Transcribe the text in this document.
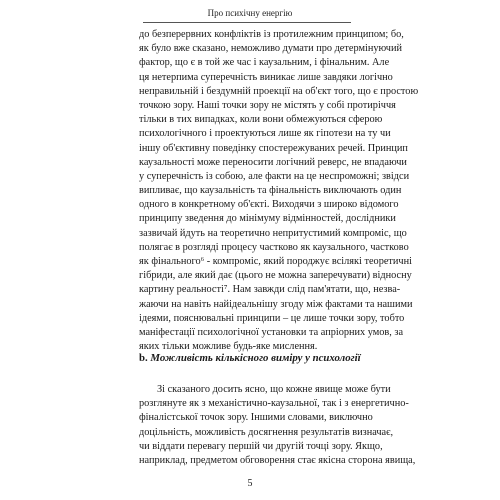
Про психічну енергію
до безперервних конфліктів із протилежним принципом; бо,
як було вже сказано, неможливо думати про детермінуючий
фактор, що є в той же час і каузальним, і фінальним. Але
ця нетерпима суперечність виникає лише завдяки логічно
неправильній і бездумній проекції на об'єкт того, що є простою
точкою зору. Наші точки зору не містять у собі протиріччя
тільки в тих випадках, коли вони обмежуються сферою
психологічного і проектуються лише як гіпотези на ту чи
іншу об'єктивну поведінку спостережуваних речей. Принцип
каузальності може переносити логічний реверс, не впадаючи
у суперечність із собою, але факти на це неспроможні; звідси
випливає, що каузальність та фінальність виключають один
одного в конкретному об'єкті. Виходячи з широко відомого
принципу зведення до мінімуму відмінностей, дослідники
зазвичай йдуть на теоретично непритустимий компроміс, що
полягає в розгляді процесу частково як каузального, частково
як фінального⁶ - компроміс, який породжує всілякі теоретичні
гібриди, але який дає (цього не можна заперечувати) відносну
картину реальності⁷. Нам завжди слід пам'ятати, що, незва-
жаючи на навіть найідеальнішу згоду між фактами та нашими
ідеями, пояснювальні принципи – це лише точки зору, тобто
маніфестації психологічної установки та апріорних умов, за
яких тільки можливе будь-яке мислення.
b. Можливість кількісного виміру у психології
Зі сказаного досить ясно, що кожне явище може бути
розглянуте як з механістично-каузальної, так і з енергетично-
фіналістської точок зору. Іншими словами, виключно
доцільність, можливість досягнення результатів визначає,
чи віддати перевагу першій чи другій точці зору. Якщо,
наприклад, предметом обговорення стає якісна сторона явища,
5
